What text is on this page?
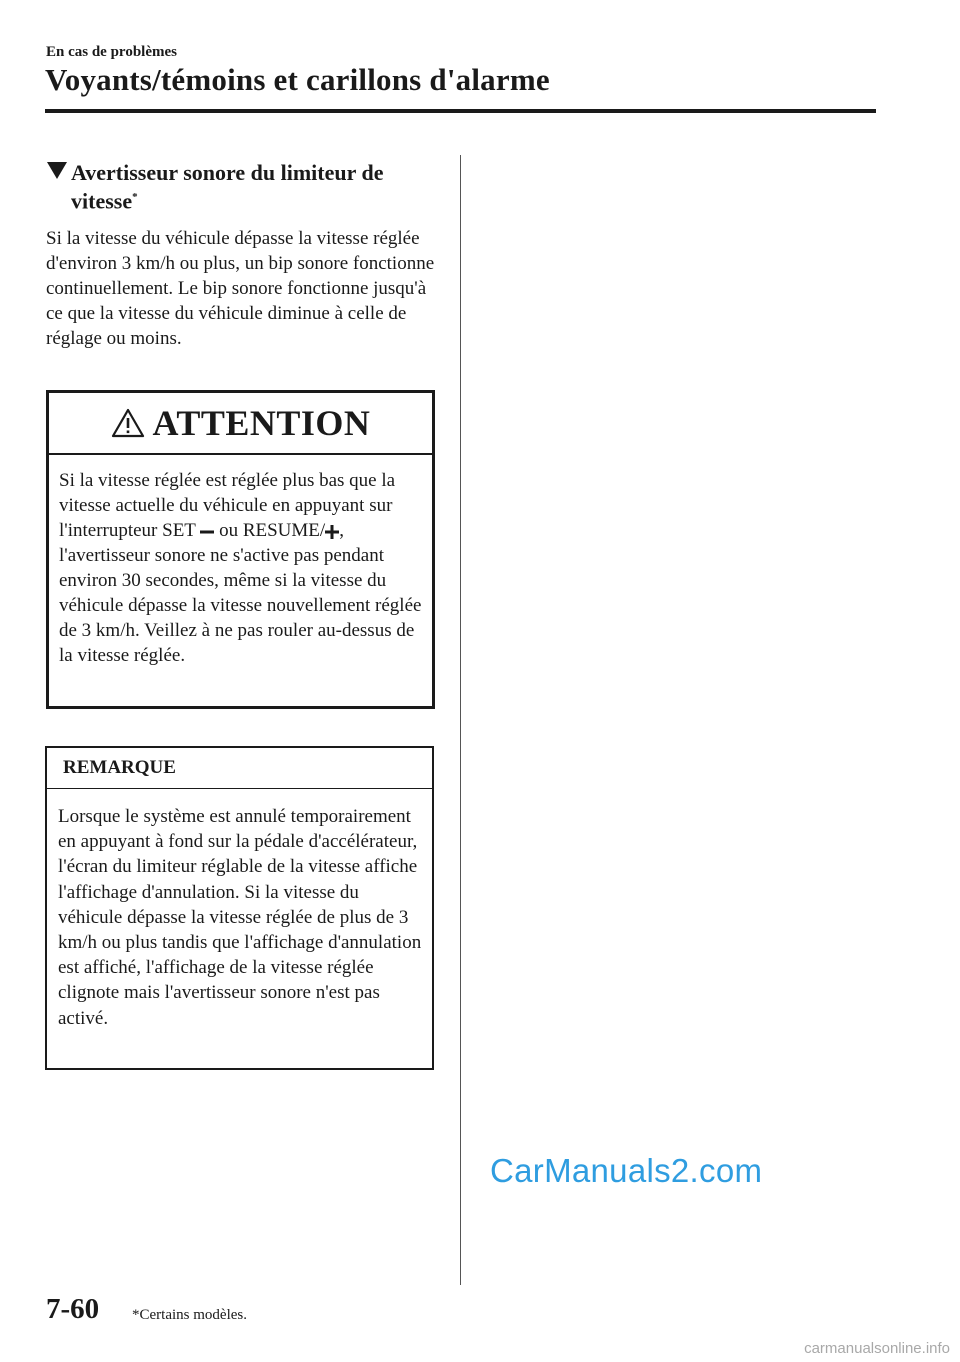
En cas de problèmes
Voyants/témoins et carillons d'alarme
Avertisseur sonore du limiteur de
vitesse*

Si la vitesse du véhicule dépasse la vitesse réglée d'environ 3 km/h ou plus, un bip sonore fonctionne continuellement. Le bip sonore fonctionne jusqu'à ce que la vitesse du véhicule diminue à celle de réglage ou moins.

ATTENTION

Si la vitesse réglée est réglée plus bas que la vitesse actuelle du véhicule en appuyant sur l'interrupteur SET ou RESUME/ , l'avertisseur sonore ne s'active pas pendant environ 30 secondes, même si la vitesse du véhicule dépasse la vitesse nouvellement réglée de 3 km/h. Veillez à ne pas rouler au-dessus de la vitesse réglée.

REMARQUE

Lorsque le système est annulé temporairement en appuyant à fond sur la pédale d'accélérateur, l'écran du limiteur réglable de la vitesse affiche l'affichage d'annulation. Si la vitesse du véhicule dépasse la vitesse réglée de plus de 3 km/h ou plus tandis que l'affichage d'annulation est affiché, l'affichage de la vitesse réglée clignote mais l'avertisseur sonore n'est pas activé.

CarManuals2.com
7-60 *Certains modèles.
carmanualsonline.info
